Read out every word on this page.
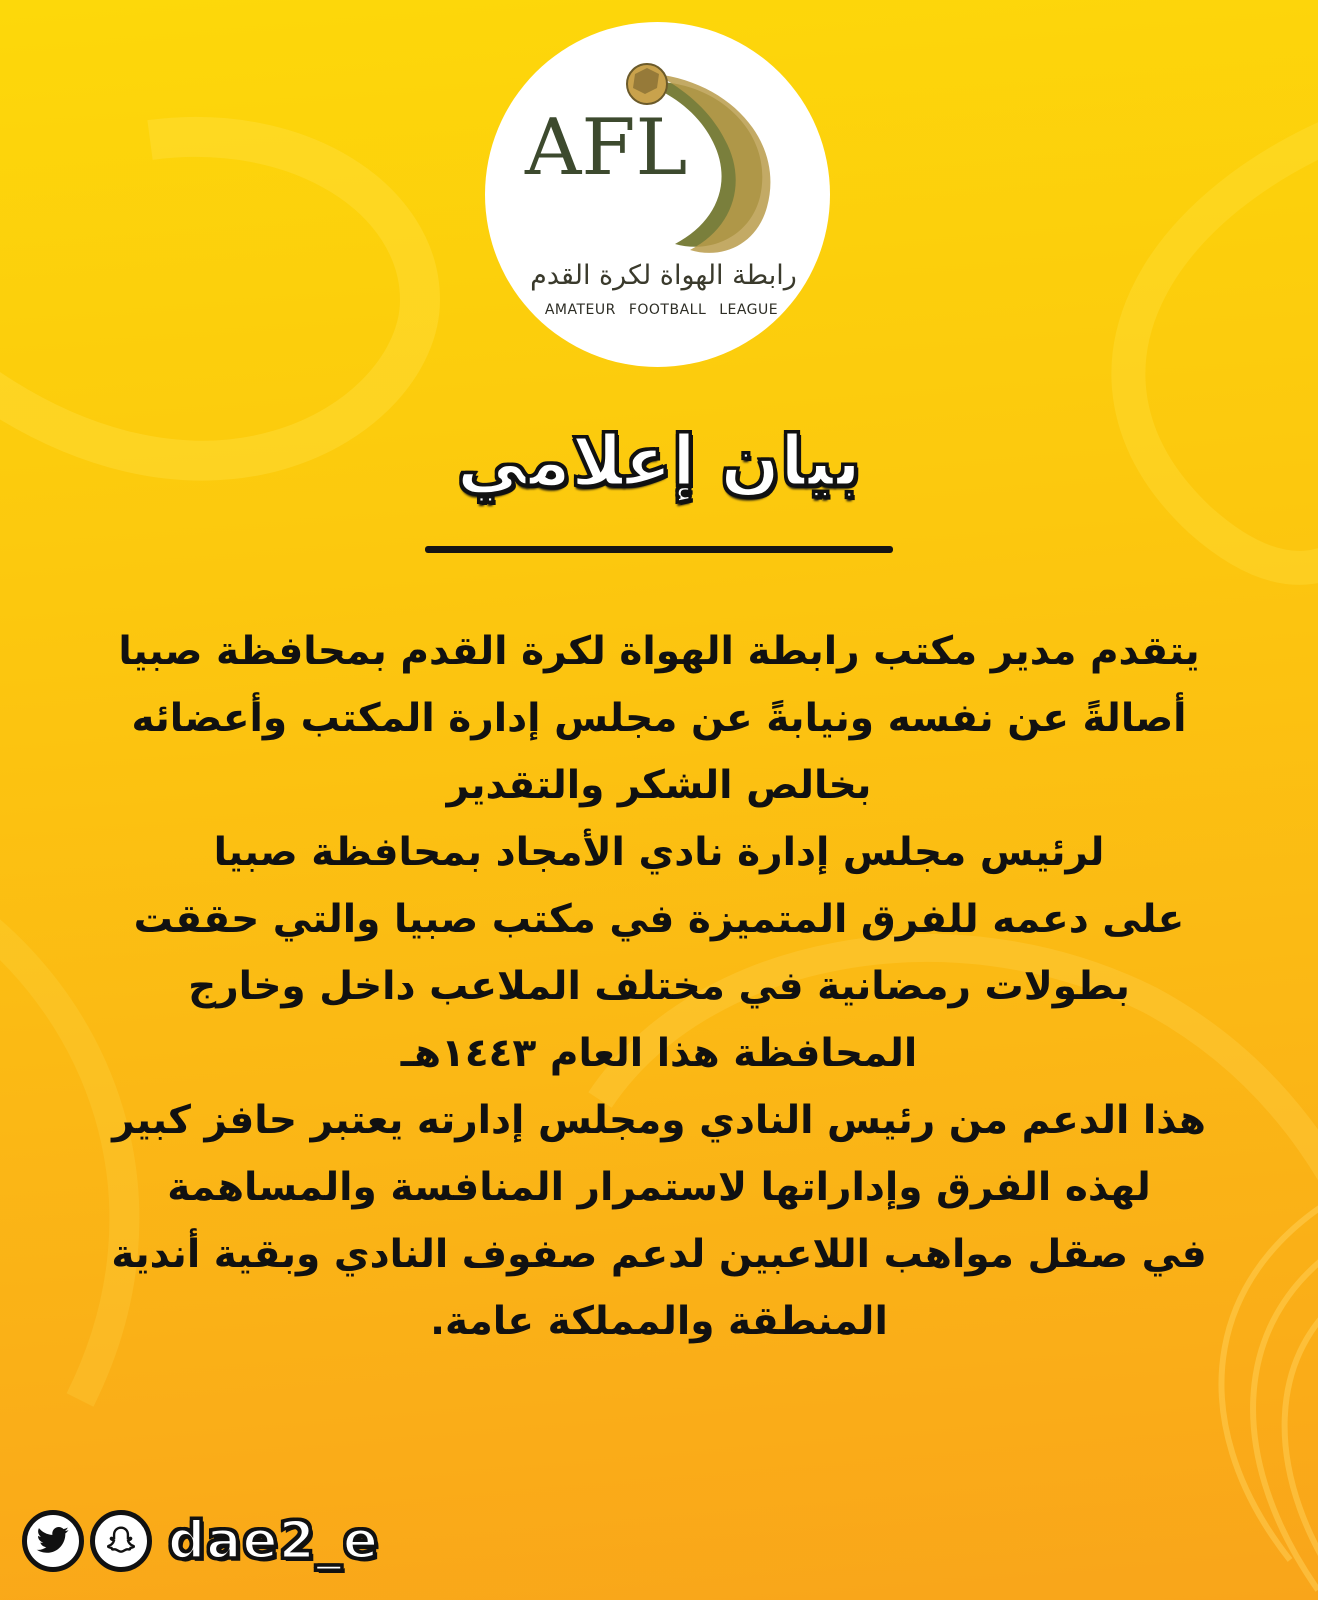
AFL
رابطة الهواة لكرة القدم
AMATEUR FOOTBALL LEAGUE
بيان إعلامي
يتقدم مدير مكتب رابطة الهواة لكرة القدم بمحافظة صبيا
أصالةً عن نفسه ونيابةً عن مجلس إدارة المكتب وأعضائه
بخالص الشكر والتقدير
لرئيس مجلس إدارة نادي الأمجاد بمحافظة صبيا
على دعمه للفرق المتميزة في مكتب صبيا والتي حققت
بطولات رمضانية في مختلف الملاعب داخل وخارج
المحافظة هذا العام ١٤٤٣هـ
هذا الدعم من رئيس النادي ومجلس إدارته يعتبر حافز كبير
لهذه الفرق وإداراتها لاستمرار المنافسة والمساهمة
في صقل مواهب اللاعبين لدعم صفوف النادي وبقية أندية
المنطقة والمملكة عامة.
dae2_e
